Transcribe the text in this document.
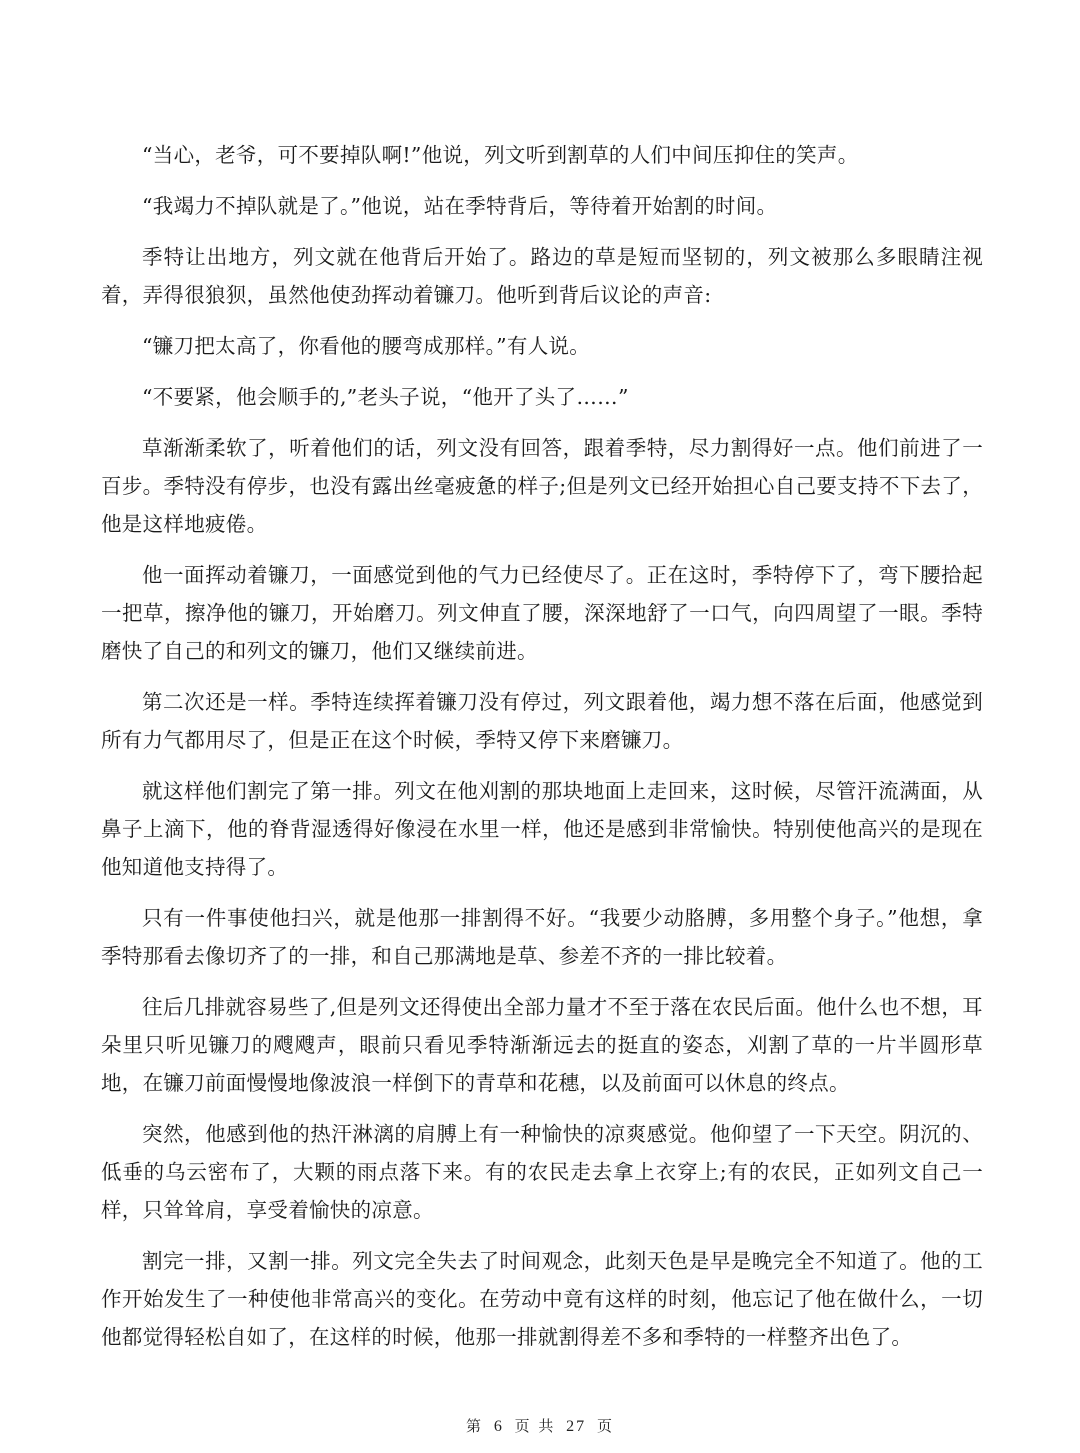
“当心，老爷，可不要掉队啊!”他说，列文听到割草的人们中间压抑住的笑声。

“我竭力不掉队就是了。”他说，站在季特背后，等待着开始割的时间。

季特让出地方，列文就在他背后开始了。路边的草是短而坚韧的，列文被那么多眼睛注视着，弄得很狼狈，虽然他使劲挥动着镰刀。他听到背后议论的声音:

“镰刀把太高了，你看他的腰弯成那样。”有人说。

“不要紧，他会顺手的,”老头子说，“他开了头了……”

草渐渐柔软了，听着他们的话，列文没有回答，跟着季特，尽力割得好一点。他们前进了一百步。季特没有停步，也没有露出丝毫疲惫的样子;但是列文已经开始担心自己要支持不下去了，他是这样地疲倦。

他一面挥动着镰刀，一面感觉到他的气力已经使尽了。正在这时，季特停下了，弯下腰拾起一把草，擦净他的镰刀，开始磨刀。列文伸直了腰，深深地舒了一口气，向四周望了一眼。季特磨快了自己的和列文的镰刀，他们又继续前进。

第二次还是一样。季特连续挥着镰刀没有停过，列文跟着他，竭力想不落在后面，他感觉到所有力气都用尽了，但是正在这个时候，季特又停下来磨镰刀。

就这样他们割完了第一排。列文在他刈割的那块地面上走回来，这时候，尽管汗流满面，从鼻子上滴下，他的脊背湿透得好像浸在水里一样，他还是感到非常愉快。特别使他高兴的是现在他知道他支持得了。

只有一件事使他扫兴，就是他那一排割得不好。“我要少动胳膊，多用整个身子。”他想，拿季特那看去像切齐了的一排，和自己那满地是草、参差不齐的一排比较着。

往后几排就容易些了,但是列文还得使出全部力量才不至于落在农民后面。他什么也不想，耳朵里只听见镰刀的飕飕声，眼前只看见季特渐渐远去的挺直的姿态，刈割了草的一片半圆形草地，在镰刀前面慢慢地像波浪一样倒下的青草和花穗，以及前面可以休息的终点。

突然，他感到他的热汗淋漓的肩膊上有一种愉快的凉爽感觉。他仰望了一下天空。阴沉的、低垂的乌云密布了，大颗的雨点落下来。有的农民走去拿上衣穿上;有的农民，正如列文自己一样，只耸耸肩，享受着愉快的凉意。

割完一排，又割一排。列文完全失去了时间观念，此刻天色是早是晚完全不知道了。他的工作开始发生了一种使他非常高兴的变化。在劳动中竟有这样的时刻，他忘记了他在做什么，一切他都觉得轻松自如了，在这样的时候，他那一排就割得差不多和季特的一样整齐出色了。

第 6 页 共 27 页
